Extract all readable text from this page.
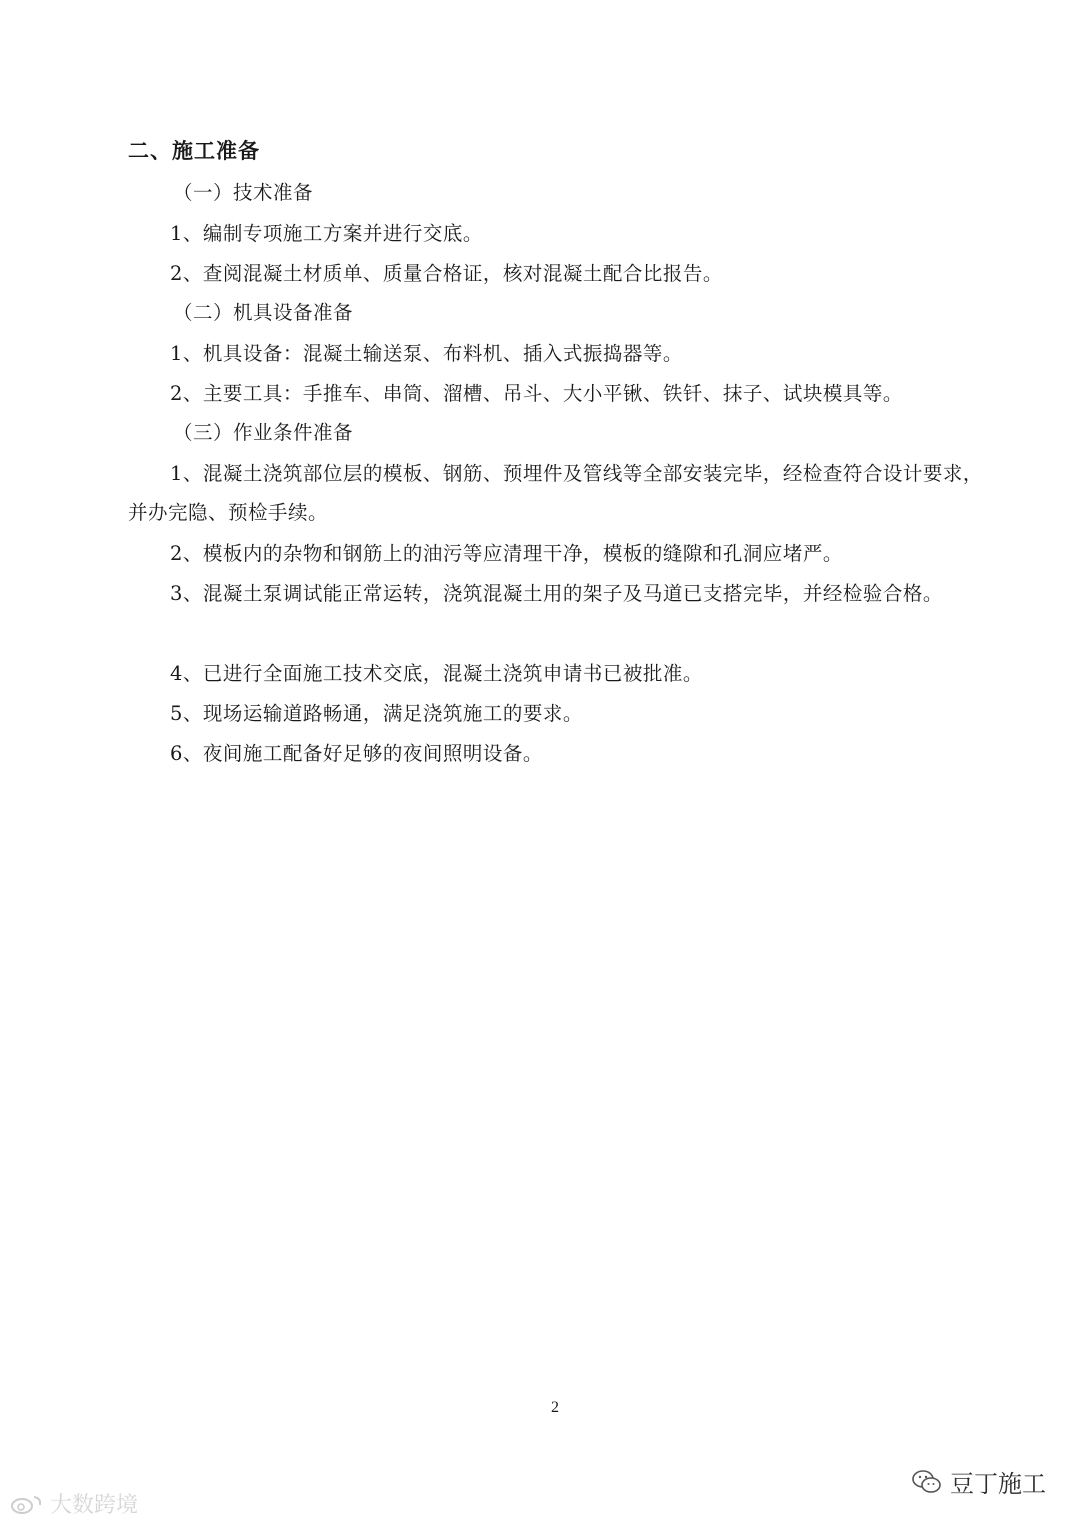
二、施工准备

（一）技术准备

1、编制专项施工方案并进行交底。

2、查阅混凝土材质单、质量合格证，核对混凝土配合比报告。

（二）机具设备准备

1、机具设备：混凝土输送泵、布料机、插入式振捣器等。

2、主要工具：手推车、串筒、溜槽、吊斗、大小平锹、铁钎、抹子、试块模具等。

（三）作业条件准备

1、混凝土浇筑部位层的模板、钢筋、预埋件及管线等全部安装完毕，经检查符合设计要求，并办完隐、预检手续。

2、模板内的杂物和钢筋上的油污等应清理干净，模板的缝隙和孔洞应堵严。

3、混凝土泵调试能正常运转，浇筑混凝土用的架子及马道已支搭完毕，并经检验合格。

4、已进行全面施工技术交底，混凝土浇筑申请书已被批准。

5、现场运输道路畅通，满足浇筑施工的要求。

6、夜间施工配备好足够的夜间照明设备。

2
大数跨境
豆丁施工
